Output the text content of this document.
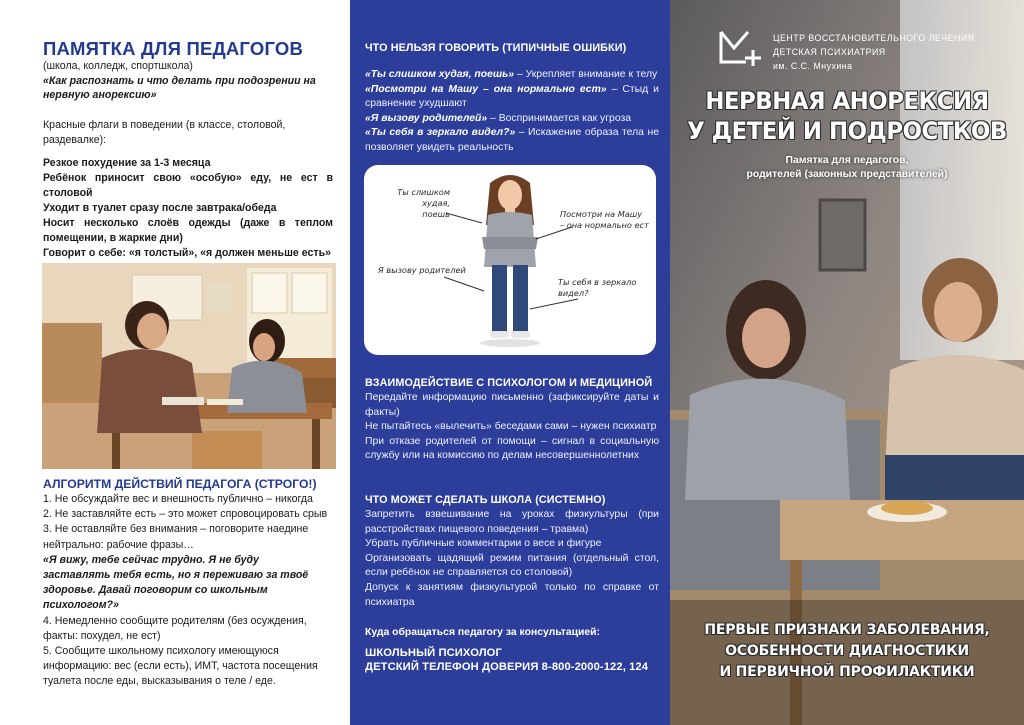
ПАМЯТКА ДЛЯ ПЕДАГОГОВ
(школа, колледж, спортшкола)
«Как распознать и что делать при подозрении на нервную анорексию»
Красные флаги в поведении (в классе, столовой, раздевалке):
Резкое похудение за 1-3 месяца
Ребёнок приносит свою «особую» еду, не ест в столовой
Уходит в туалет сразу после завтрака/обеда
Носит несколько слоёв одежды (даже в теплом помещении, в жаркие дни)
Говорит о себе: «я толстый», «я должен меньше есть»
АЛГОРИТМ ДЕЙСТВИЙ ПЕДАГОГА (СТРОГО!)
1. Не обсуждайте вес и внешность публично – никогда
2. Не заставляйте есть – это может спровоцировать срыв
3. Не оставляйте без внимания – поговорите наедине нейтрально: рабочие фразы…
«Я вижу, тебе сейчас трудно. Я не буду заставлять тебя есть, но я переживаю за твоё здоровье. Давай поговорим со школьным психологом?»
4. Немедленно сообщите родителям (без осуждения, факты: похудел, не ест)
5. Сообщите школьному психологу имеющуюся информацию: вес (если есть), ИМТ, частота посещения туалета после еды, высказывания о теле / еде.
ЧТО НЕЛЬЗЯ ГОВОРИТЬ (ТИПИЧНЫЕ ОШИБКИ)
«Ты слишком худая, поешь» – Укрепляет внимание к телу
«Посмотри на Машу – она нормально ест» – Стыд и сравнение ухудшают
«Я вызову родителей» – Воспринимается как угроза
«Ты себя в зеркало видел?» – Искажение образа тела не позволяет увидеть реальность
Ты слишком худая,
поешь	Посмотри на Машу
– она нормально ест
Я вызову родителей
Ты себя в зеркало
видел?
ВЗАИМОДЕЙСТВИЕ С ПСИХОЛОГОМ И МЕДИЦИНОЙ
Передайте информацию письменно (зафиксируйте даты и факты)
Не пытайтесь «вылечить» беседами сами – нужен психиатр
При отказе родителей от помощи – сигнал в социальную службу или на комиссию по делам несовершеннолетних
ЧТО МОЖЕТ СДЕЛАТЬ ШКОЛА (СИСТЕМНО)
Запретить взвешивание на уроках физкультуры (при расстройствах пищевого поведения – травма)
Убрать публичные комментарии о весе и фигуре
Организовать щадящий режим питания (отдельный стол, если ребёнок не справляется со столовой)
Допуск к занятиям физкультурой только по справке от психиатра
Куда обращаться педагогу за консультацией:
ШКОЛЬНЫЙ ПСИХОЛОГ
ДЕТСКИЙ ТЕЛЕФОН ДОВЕРИЯ 8-800-2000-122, 124
ЦЕНТР ВОССТАНОВИТЕЛЬНОГО ЛЕЧЕНИЯ
ДЕТСКАЯ ПСИХИАТРИЯ
им. С.С. Мнухина
НЕРВНАЯ АНОРЕКСИЯ
У ДЕТЕЙ И ПОДРОСТКОВ
Памятка для педагогов,
родителей (законных представителей)
ПЕРВЫЕ ПРИЗНАКИ ЗАБОЛЕВАНИЯ,
ОСОБЕННОСТИ ДИАГНОСТИКИ
И ПЕРВИЧНОЙ ПРОФИЛАКТИКИ
